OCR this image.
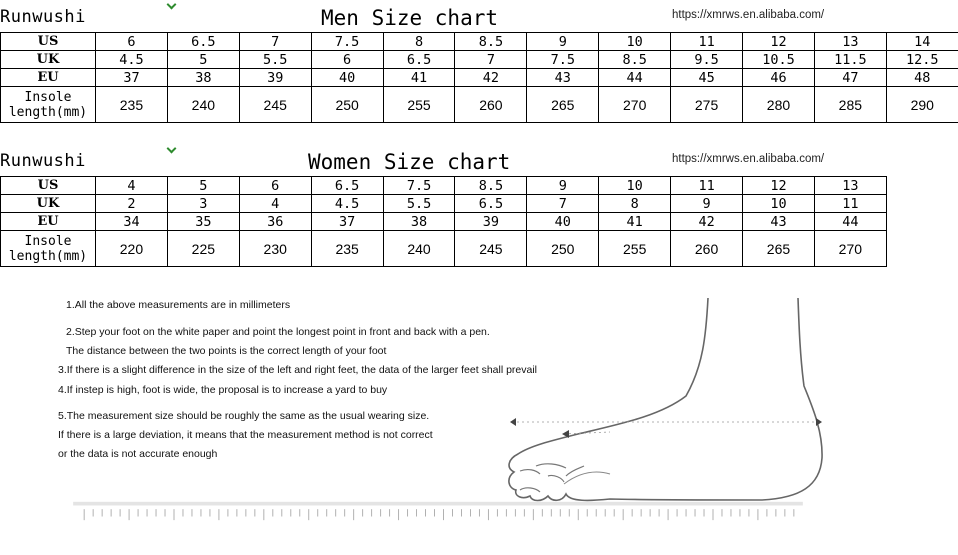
Runwushi	Men Size chart	https://xmrws.en.alibaba.com/
US	6	6.5	7	7.5	8	8.5	9	10	11	12	13	14
UK	4.5	5	5.5	6	6.5	7	7.5	8.5	9.5	10.5	11.5	12.5
EU	37	38	39	40	41	42	43	44	45	46	47	48

Insole
length(mm)	235	240	245	250	255	260	265	270	275	280	285	290
Runwushi	Women Size chart	https://xmrws.en.alibaba.com/
US	4	5	6	6.5	7.5	8.5	9	10	11	12	13
UK	2	3	4	4.5	5.5	6.5	7	8	9	10	11
EU	34	35	36	37	38	39	40	41	42	43	44

Insole
length(mm)	220	225	230	235	240	245	250	255	260	265	270
1.All the above measurements are in millimeters
2.Step your foot on the white paper and point the longest point in front and back with a pen.
The distance between the two points is the correct length of your foot
3.If there is a slight difference in the size of the left and right feet, the data of the larger feet shall prevail
4.If instep is high, foot is wide, the proposal is to increase a yard to buy
5.The measurement size should be roughly the same as the usual wearing size.
If there is a large deviation, it means that the measurement method is not correct
or the data is not accurate enough
